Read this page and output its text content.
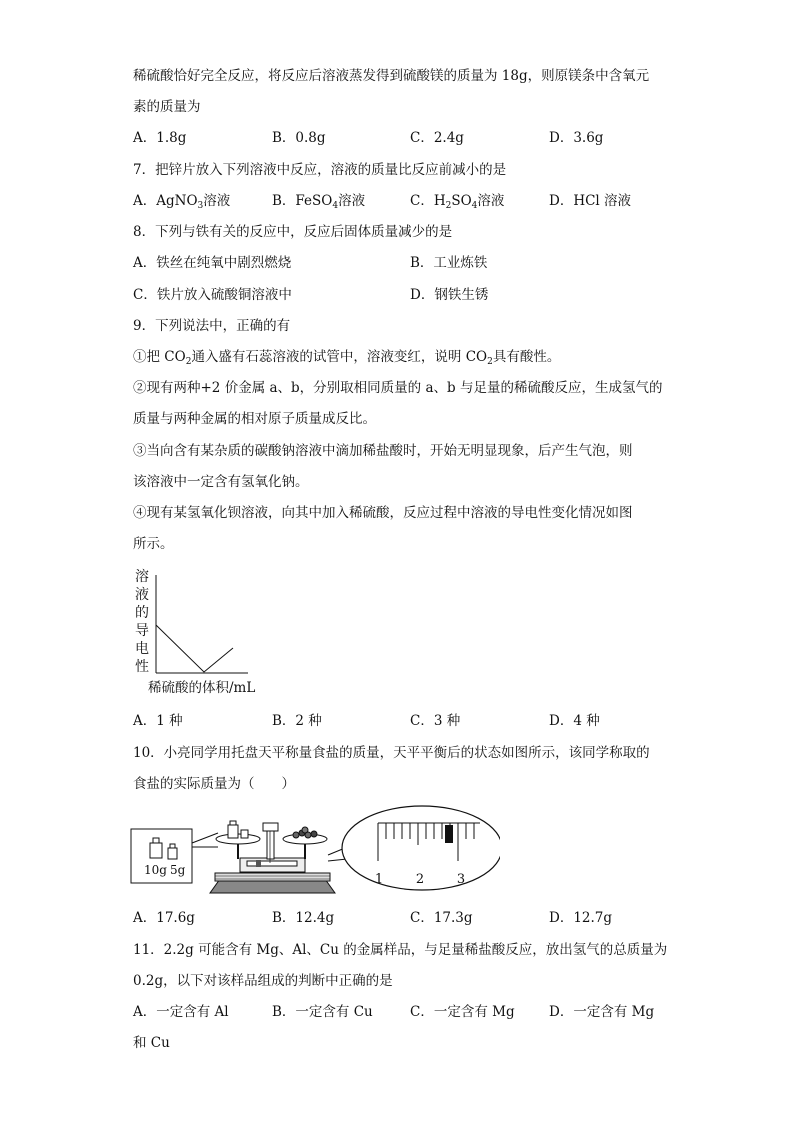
稀硫酸恰好完全反应，将反应后溶液蒸发得到硫酸镁的质量为 18g，则原镁条中含氧元
素的质量为
A．1.8g	B．0.8g	C．2.4g	D．3.6g
7．把锌片放入下列溶液中反应，溶液的质量比反应前减小的是
A．AgNO$_3$溶液	B．FeSO$_4$溶液	C．$H_2SO_4$溶液	D．HCl 溶液
8．下列与铁有关的反应中，反应后固体质量减少的是
A．铁丝在纯氧中剧烈燃烧	B．工业炼铁
C．铁片放入硫酸铜溶液中	D．钢铁生锈
9．下列说法中，正确的有
①把 $CO_2$通入盛有石蕊溶液的试管中，溶液变红，说明 $CO_2$具有酸性。
②现有两种+2 价金属 a、b，分别取相同质量的 a、b 与足量的稀硫酸反应，生成氢气的
质量与两种金属的相对原子质量成反比。
③当向含有某杂质的碳酸钠溶液中滴加稀盐酸时，开始无明显现象，后产生气泡，则
该溶液中一定含有氢氧化钠。
④现有某氢氧化钡溶液，向其中加入稀硫酸，反应过程中溶液的导电性变化情况如图
所示。
溶
液
的
导
电
性
稀硫酸的体积/mL
A．1 种	B．2 种	C．3 种	D．4 种
10．小亮同学用托盘天平称量食盐的质量，天平平衡后的状态如图所示，该同学称取的
食盐的实际质量为（　　）
10g 5g
1	2	3
A．17.6g	B．12.4g	C．17.3g	D．12.7g
11．2.2g 可能含有 Mg、Al、Cu 的金属样品，与足量稀盐酸反应，放出氢气的总质量为
0.2g，以下对该样品组成的判断中正确的是
A．一定含有 Al	B．一定含有 Cu	C．一定含有 Mg	D．一定含有 Mg
和 Cu
